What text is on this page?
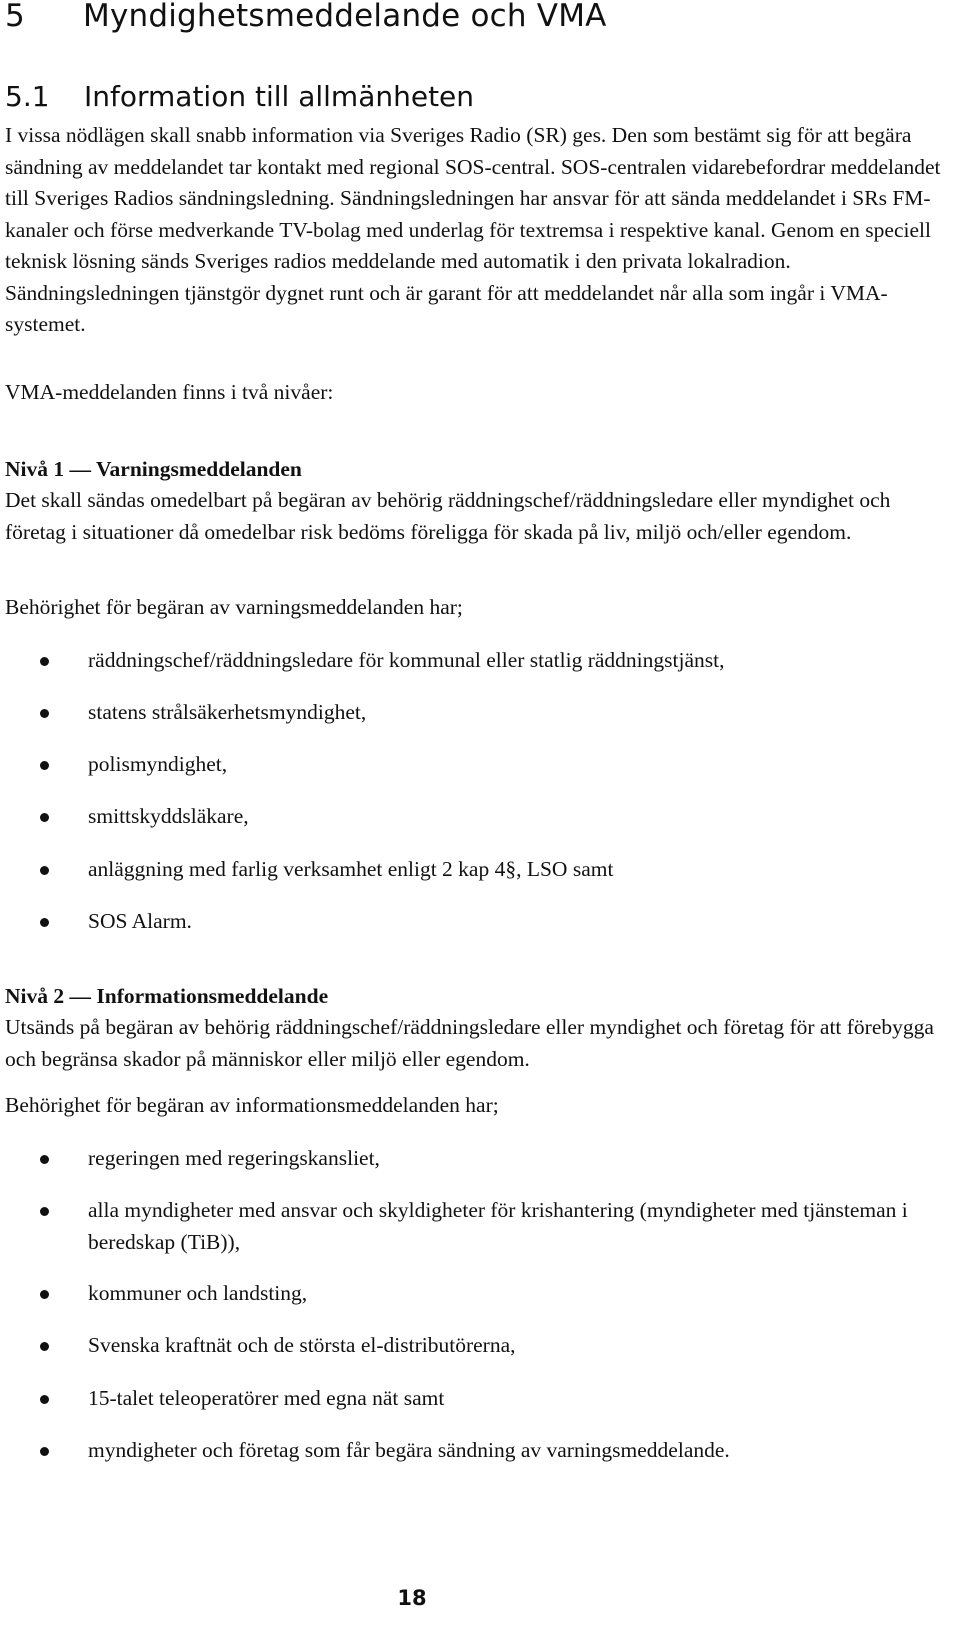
5 Myndighetsmeddelande och VMA
5.1 Information till allmänheten

I vissa nödlägen skall snabb information via Sveriges Radio (SR) ges. Den som bestämt sig för att begära sändning av meddelandet tar kontakt med regional SOS-central. SOS-centralen vidarebefordrar meddelandet till Sveriges Radios sändningsledning. Sändningsledningen har ansvar för att sända meddelandet i SRs FM-kanaler och förse medverkande TV-bolag med underlag för textremsa i respektive kanal. Genom en speciell teknisk lösning sänds Sveriges radios meddelande med automatik i den privata lokalradion. Sändningsledningen tjänstgör dygnet runt och är garant för att meddelandet når alla som ingår i VMA-systemet.

VMA-meddelanden finns i två nivåer:

Nivå 1 — Varningsmeddelanden

Det skall sändas omedelbart på begäran av behörig räddningschef/räddningsledare eller myndighet och företag i situationer då omedelbar risk bedöms föreligga för skada på liv, miljö och/eller egendom.

Behörighet för begäran av varningsmeddelanden har;

räddningschef/räddningsledare för kommunal eller statlig räddningstjänst,
statens strålsäkerhetsmyndighet,
polismyndighet,
smittskyddsläkare,
anläggning med farlig verksamhet enligt 2 kap 4§, LSO samt
SOS Alarm.

Nivå 2 — Informationsmeddelande

Utsänds på begäran av behörig räddningschef/räddningsledare eller myndighet och företag för att förebygga och begränsa skador på människor eller miljö eller egendom.

Behörighet för begäran av informationsmeddelanden har;

regeringen med regeringskansliet,
alla myndigheter med ansvar och skyldigheter för krishantering (myndigheter med tjänsteman i beredskap (TiB)),
kommuner och landsting,
Svenska kraftnät och de största el-distributörerna,
15-talet teleoperatörer med egna nät samt
myndigheter och företag som får begära sändning av varningsmeddelande.
18
